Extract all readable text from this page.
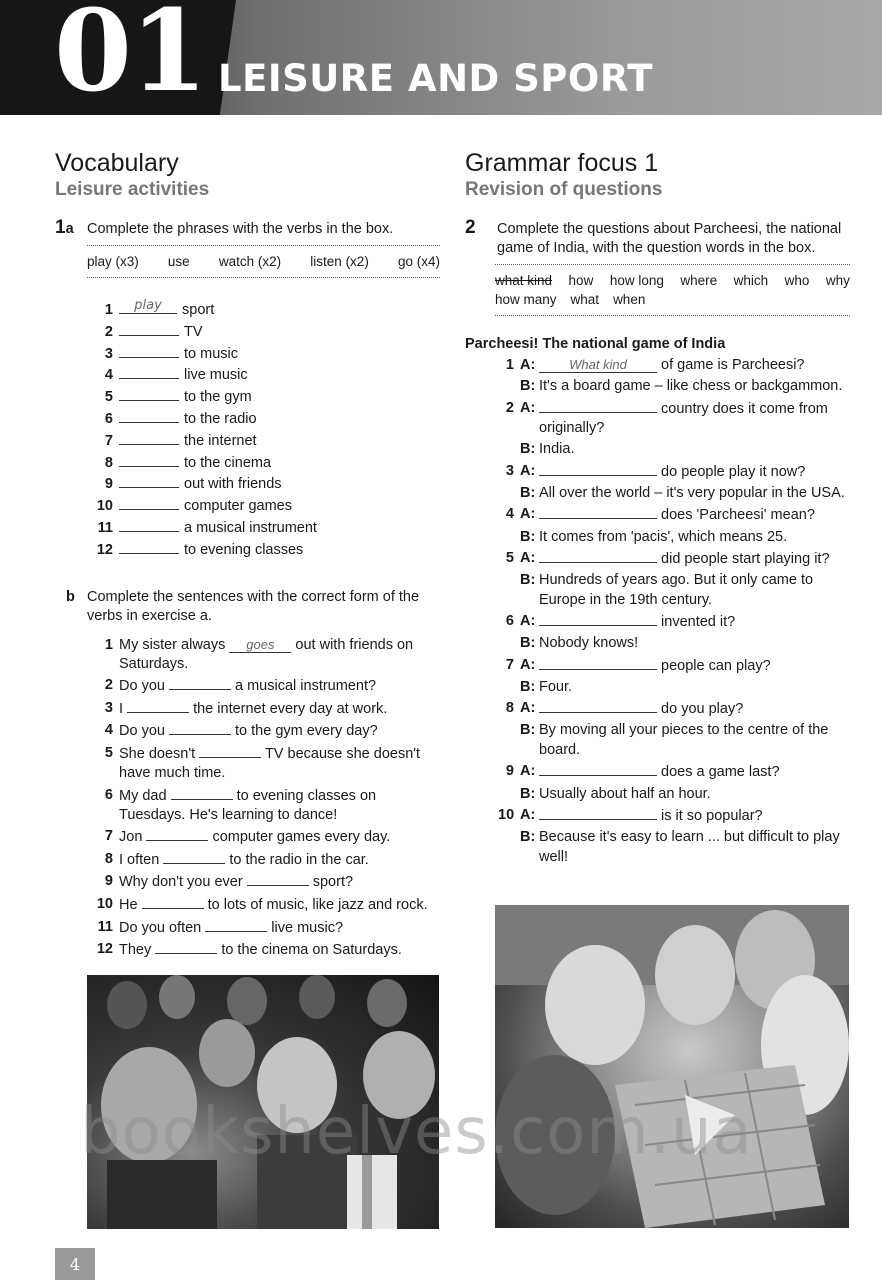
01 LEISURE AND SPORT
Vocabulary
Leisure activities
1a Complete the phrases with the verbs in the box.
play (x3) use watch (x2) listen (x2) go (x4)
1	play	sport
2	TV
3	to music
4	live music
5	to the gym
6	to the radio
7	the internet
8	to the cinema
9	out with friends
10	computer games
11	a musical instrument
12	to evening classes
b Complete the sentences with the correct form of the verbs in exercise a.
1 My sister always goes out with friends on Saturdays.
2 Do you	a musical instrument?
3 I	the internet every day at work.
4 Do you	to the gym every day?
5 She doesn't	TV because she doesn't have much time.
6 My dad	to evening classes on Tuesdays. He's learning to dance!
7 Jon	computer games every day.
8 I often	to the radio in the car.
9 Why don't you ever	sport?
10 He	to lots of music, like jazz and rock.
11 Do you often	live music?
12 They	to the cinema on Saturdays.
Grammar focus 1
Revision of questions
2 Complete the questions about Parcheesi, the national game of India, with the question words in the box.
what kind how how long where which who why
how many what when
Parcheesi! The national game of India
1 A:	What kind of game is Parcheesi?
B: It's a board game – like chess or backgammon.
2 A:	country does it come from originally?
B: India.
3 A:	do people play it now?
B: All over the world – it's very popular in the USA.
4 A:	does 'Parcheesi' mean?
B: It comes from 'pacis', which means 25.
5 A:	did people start playing it?
B: Hundreds of years ago. But it only came to Europe in the 19th century.
6 A:	invented it?
B: Nobody knows!
7 A:	people can play?
B: Four.
8 A:	do you play?
B: By moving all your pieces to the centre of the board.
9 A:	does a game last?
B: Usually about half an hour.
10 A:	is it so popular?
B: Because it's easy to learn ... but difficult to play well!
bookshelves.com.ua
4
